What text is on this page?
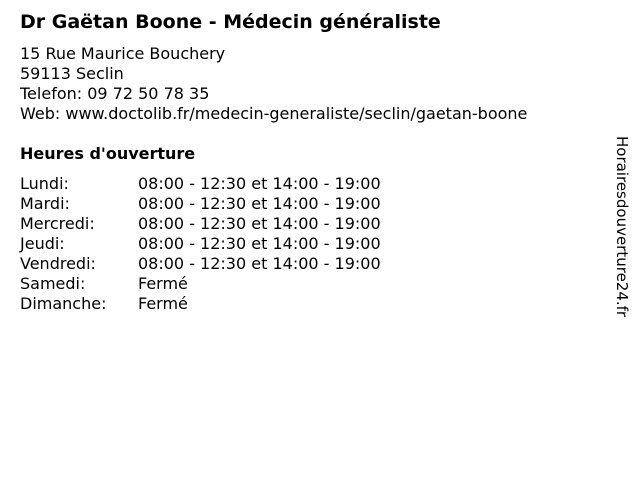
Dr Gaëtan Boone - Médecin généraliste
15 Rue Maurice Bouchery
59113 Seclin
Telefon: 09 72 50 78 35
Web: www.doctolib.fr/medecin-generaliste/seclin/gaetan-boone
Heures d'ouverture
Lundi:	08:00 - 12:30 et 14:00 - 19:00
Mardi:	08:00 - 12:30 et 14:00 - 19:00
Mercredi:	08:00 - 12:30 et 14:00 - 19:00
Jeudi:	08:00 - 12:30 et 14:00 - 19:00
Vendredi:	08:00 - 12:30 et 14:00 - 19:00
Samedi:	Fermé
Dimanche: Fermé	Horairesdouverture24.fr
